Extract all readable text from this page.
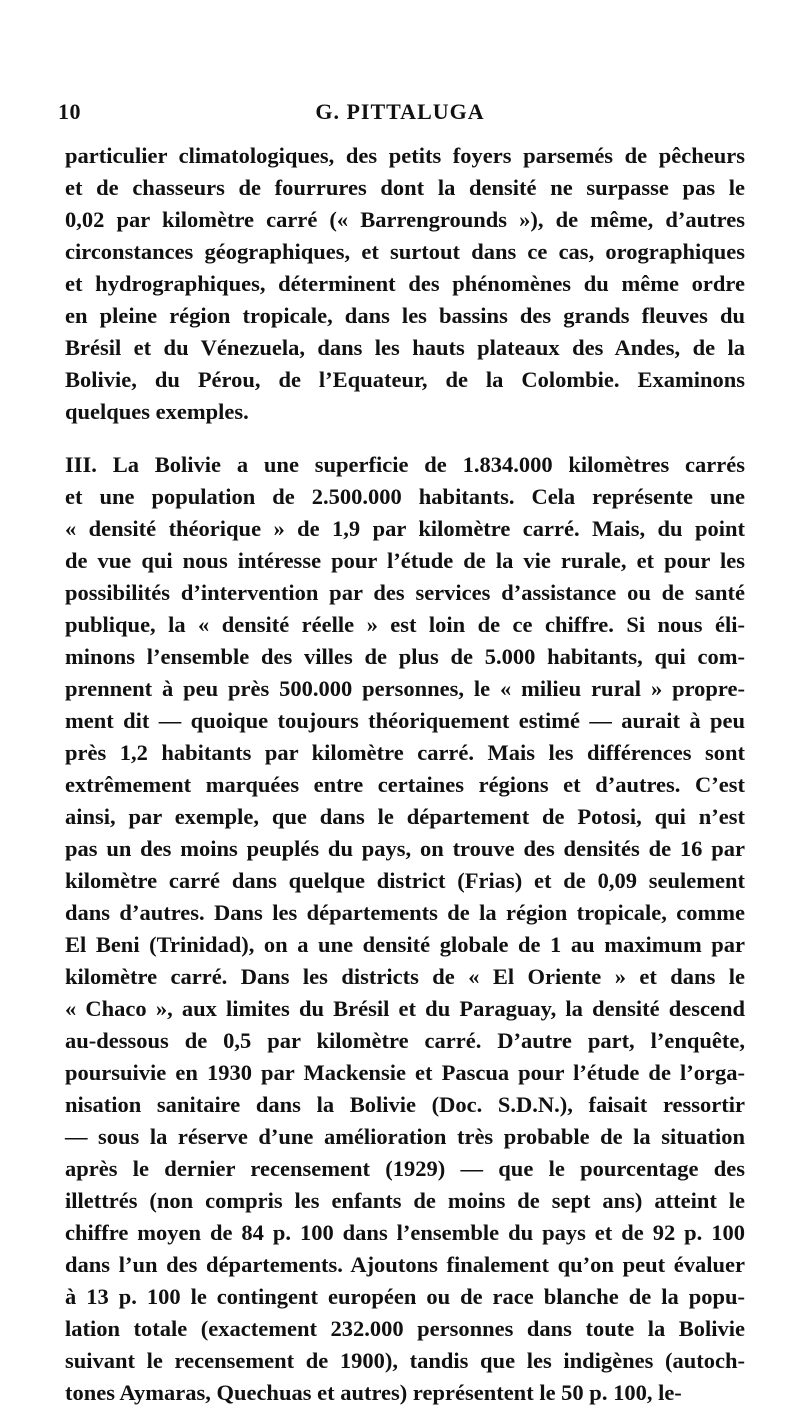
10	G. PITTALUGA
particulier climatologiques, des petits foyers parsemés de pêcheurs
et de chasseurs de fourrures dont la densité ne surpasse pas le
0,02 par kilomètre carré (« Barrengrounds »), de même, d’autres
circonstances géographiques, et surtout dans ce cas, orographiques
et hydrographiques, déterminent des phénomènes du même ordre
en pleine région tropicale, dans les bassins des grands fleuves du
Brésil et du Vénezuela, dans les hauts plateaux des Andes, de la
Bolivie, du Pérou, de l’Equateur, de la Colombie. Examinons
quelques exemples.
III. La Bolivie a une superficie de 1.834.000 kilomètres carrés
et une population de 2.500.000 habitants. Cela représente une
« densité théorique » de 1,9 par kilomètre carré. Mais, du point
de vue qui nous intéresse pour l’étude de la vie rurale, et pour les
possibilités d’intervention par des services d’assistance ou de santé
publique, la « densité réelle » est loin de ce chiffre. Si nous éli-
minons l’ensemble des villes de plus de 5.000 habitants, qui com-
prennent à peu près 500.000 personnes, le « milieu rural » propre-
ment dit — quoique toujours théoriquement estimé — aurait à peu
près 1,2 habitants par kilomètre carré. Mais les différences sont
extrêmement marquées entre certaines régions et d’autres. C’est
ainsi, par exemple, que dans le département de Potosi, qui n’est
pas un des moins peuplés du pays, on trouve des densités de 16 par
kilomètre carré dans quelque district (Frias) et de 0,09 seulement
dans d’autres. Dans les départements de la région tropicale, comme
El Beni (Trinidad), on a une densité globale de 1 au maximum par
kilomètre carré. Dans les districts de « El Oriente » et dans le
« Chaco », aux limites du Brésil et du Paraguay, la densité descend
au-dessous de 0,5 par kilomètre carré. D’autre part, l’enquête,
poursuivie en 1930 par Mackensie et Pascua pour l’étude de l’orga-
nisation sanitaire dans la Bolivie (Doc. S.D.N.), faisait ressortir
— sous la réserve d’une amélioration très probable de la situation
après le dernier recensement (1929) — que le pourcentage des
illettrés (non compris les enfants de moins de sept ans) atteint le
chiffre moyen de 84 p. 100 dans l’ensemble du pays et de 92 p. 100
dans l’un des départements. Ajoutons finalement qu’on peut évaluer
à 13 p. 100 le contingent européen ou de race blanche de la popu-
lation totale (exactement 232.000 personnes dans toute la Bolivie
suivant le recensement de 1900), tandis que les indigènes (autoch-
tones Aymaras, Quechuas et autres) représentent le 50 p. 100, le-
